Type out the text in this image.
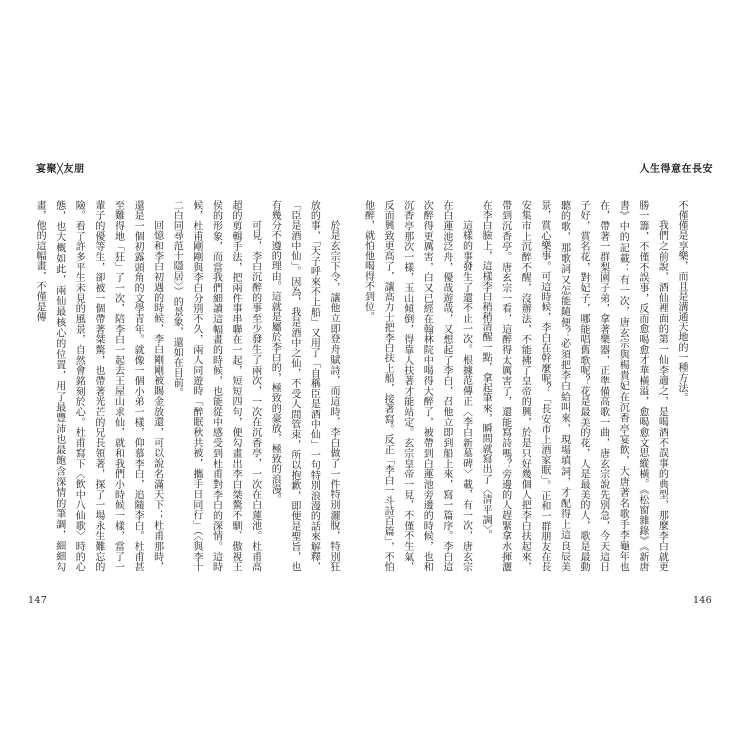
宴聚╳友朋

於是玄宗下令，讓他立即登舟賦詩，而這時，李白做了一件特別灑脫，特別狂放的事，「天子呼來不上船」又用了「自稱臣是酒中仙」一句特別浪漫的話來解釋，「臣是酒中仙」。因為，我是酒中之仙，不受人間管束，所以抱歉，即便是聖旨，也有幾分不遵的理由。這就是屬於李白的，極致的豪放，極致的浪漫。

可見，李白沉醉的事至少發生了兩次，一次在沉香亭，一次在白蓮池。杜甫高超的剪輯手法，把兩件事串聯在一起，短短四句，便勾畫出李白桀驁不馴、傲視王侯的形象，而當我們細讀這幅畫的時候，也能從中感受到杜甫對李白的深情。這時候，杜甫剛剛與李白分別不久，兩人同遊時「醉眠秋共被，攜手日同行」（〈與李十二白同尋范十隱居〉）的景象，還如在目前。

回憶和李白初遇的時候，李白剛剛被賜金放還，可以說名滿天下；杜甫那時，還是一個初露頭角的文學青年。就像一個小弟一樣，仰慕李白，追隨李白。杜甫甚至難得地「狂」了一次，陪李白一起去王屋山求仙，就和我們小時候一樣，當了一輩子的優等生，卻被一個帶著桀驁，也帶著光芒的兄長領著，探了一場永生難忘的險。看了許多平生未見的風景，自然會銘刻於心。杜甫寫下〈飲中八仙歌〉時的心態，也大概如此，兩仙最核心的位置，用了最豐沛也最飽含深情的筆調，細細勾畫，他的這幅畫，不僅是傳

147
人生得意在長安

不僅僅是享樂，而且是溝通天地的一種方法。

我們之前說，酒仙裡面的第一仙李適之，是喝酒不誤事的典型，那麼李白就更勝一籌，不僅不誤事，反而愈喝愈才華橫溢，愈喝愈文思縱橫。《松窗雜錄》《新唐書》中的記載：有一次，唐玄宗與楊貴妃在沉香亭宴飲，大唐著名歌手李龜年也在，帶著一群梨園子弟，拿著樂器，正準備高歌一曲，唐玄宗說先別急，今天這日子好，賞名花，對妃子，哪能唱舊歌呢？花是最美的花，人是最美的人，歌是最動聽的歌，那歌詞又怎能隨便？必須把李白給叫來，現場填詞，才配得上這良辰美景，賞心樂事。可這時候，李白在幹麼呢？「長安市上酒家眠」。正和一群朋友在長安集市上沉醉不醒，沒辦法，不能拂了皇帝的興，於是只好幾個人把李白扶起來，帶到沉香亭。唐玄宗一看，這醉得太厲害了，還能寫詩嗎？旁邊的人趕緊拿水揮灑在李白臉上，這樣李白稍稍清醒一點，拿起筆來，瞬間就寫出了〈清平調〉。

這樣的事發生了還不止一次。根據范傳正〈李白新墓碑〉載，有一次，唐玄宗在白蓮池泛舟，優哉遊哉，又想起了李白，召他立即到船上來，寫一篇序。李白這次醉得更厲害，白又已經在翰林院中喝得大醉了，被帶到白蓮池旁邊的時候，也和沉香亭那次一樣，玉山傾倒，得靠人扶著才能站定。玄宗皇帝一見，不僅不生氣，反而興致更高了，讓高力士把李白扶上船，接著寫。反正「李白一斗詩百篇」，不怕他醉，就怕他喝得不到位。

146
